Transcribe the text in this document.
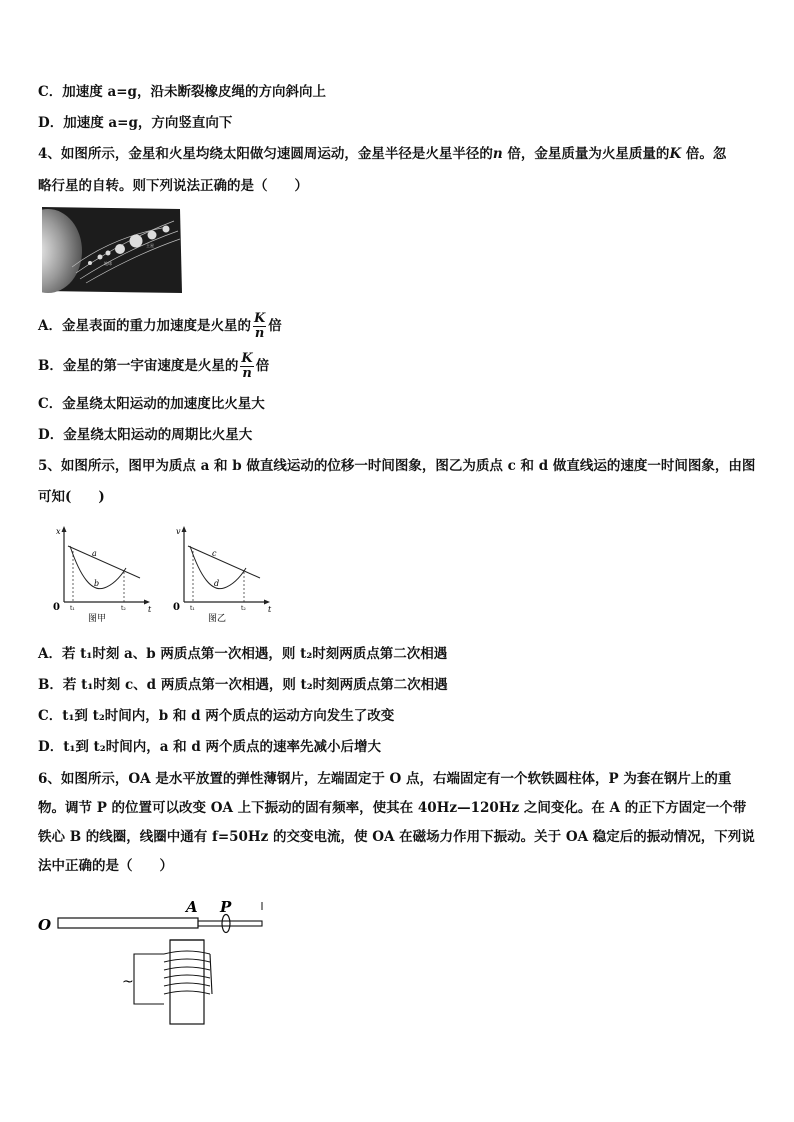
C．加速度 a=g，沿未断裂橡皮绳的方向斜向上
D．加速度 a=g，方向竖直向下
4、如图所示，金星和火星均绕太阳做匀速圆周运动，金星半径是火星半径的n 倍，金星质量为火星质量的K 倍。忽
略行星的自转。则下列说法正确的是（　　）
地球
土星
A．金星表面的重力加速度是火星的 $\frac{K}{n}$ 倍
B．金星的第一宇宙速度是火星的 $\frac{K}{n}$ 倍
C．金星绕太阳运动的加速度比火星大
D．金星绕太阳运动的周期比火星大
5、如图所示，图甲为质点 a 和 b 做直线运动的位移一时间图象，图乙为质点 c 和 d 做直线运的速度一时间图象，由图
可知(　　)
x
t
0 t₁	t₂
a
b
图甲
v
t
0 t₁	t₂
c
d
图乙
A．若 t₁时刻 a、b 两质点第一次相遇，则 t₂时刻两质点第二次相遇
B．若 t₁时刻 c、d 两质点第一次相遇，则 t₂时刻两质点第二次相遇
C．t₁到 t₂时间内，b 和 d 两个质点的运动方向发生了改变
D．t₁到 t₂时间内，a 和 d 两个质点的速率先减小后增大
6、如图所示，OA 是水平放置的弹性薄钢片，左端固定于 O 点，右端固定有一个软铁圆柱体，P 为套在钢片上的重物。调节 P 的位置可以改变 OA 上下振动的固有频率，使其在 40Hz—120Hz 之间变化。在 A 的正下方固定一个带铁心 B 的线圈，线圈中通有 f=50Hz 的交变电流，使 OA 在磁场力作用下振动。关于 OA 稳定后的振动情况，下列说法中正确的是（　　）
O
A P
~
